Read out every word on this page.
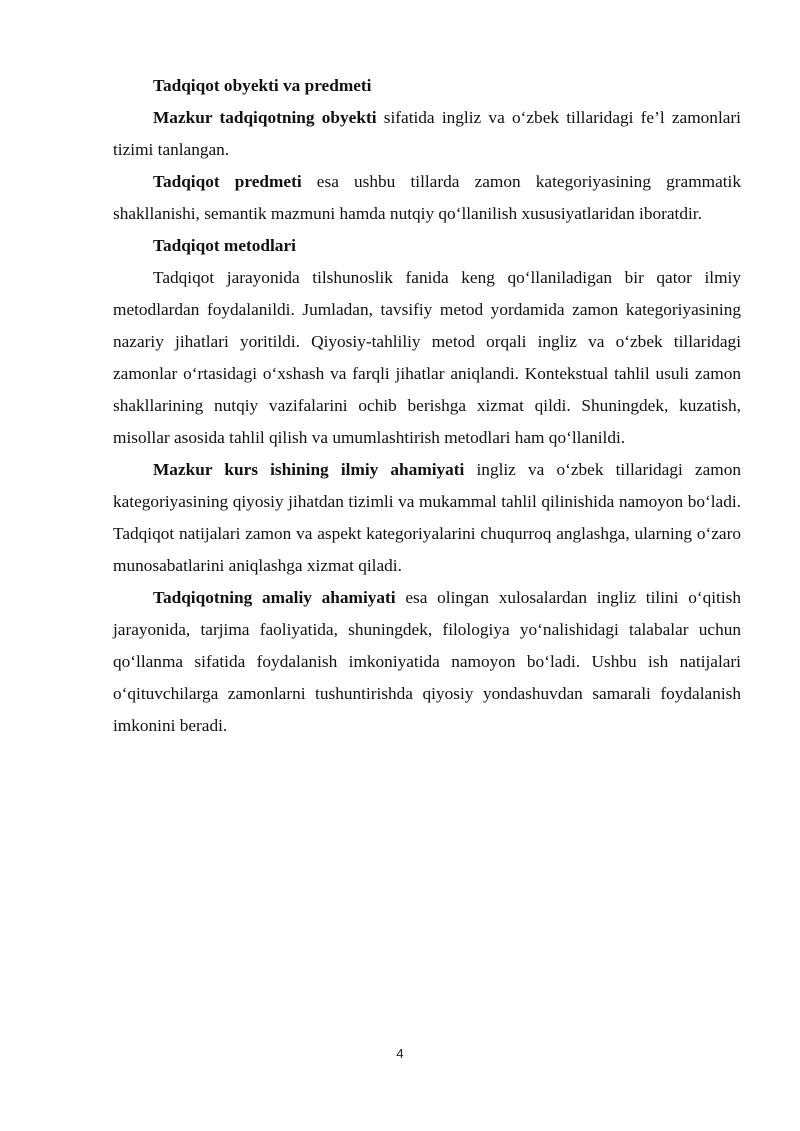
Tadqiqot obyekti va predmeti

Mazkur tadqiqotning obyekti sifatida ingliz va o‘zbek tillaridagi fe’l zamonlari tizimi tanlangan.

Tadqiqot predmeti esa ushbu tillarda zamon kategoriyasining grammatik shakllanishi, semantik mazmuni hamda nutqiy qo‘llanilish xususiyatlaridan iboratdir.

Tadqiqot metodlari

Tadqiqot jarayonida tilshunoslik fanida keng qo‘llaniladigan bir qator ilmiy metodlardan foydalanildi. Jumladan, tavsifiy metod yordamida zamon kategoriyasining nazariy jihatlari yoritildi. Qiyosiy-tahliliy metod orqali ingliz va o‘zbek tillaridagi zamonlar o‘rtasidagi o‘xshash va farqli jihatlar aniqlandi. Kontekstual tahlil usuli zamon shakllarining nutqiy vazifalarini ochib berishga xizmat qildi. Shuningdek, kuzatish, misollar asosida tahlil qilish va umumlashtirish metodlari ham qo‘llanildi.

Mazkur kurs ishining ilmiy ahamiyati ingliz va o‘zbek tillaridagi zamon kategoriyasining qiyosiy jihatdan tizimli va mukammal tahlil qilinishida namoyon bo‘ladi. Tadqiqot natijalari zamon va aspekt kategoriyalarini chuqurroq anglashga, ularning o‘zaro munosabatlarini aniqlashga xizmat qiladi.

Tadqiqotning amaliy ahamiyati esa olingan xulosalardan ingliz tilini o‘qitish jarayonida, tarjima faoliyatida, shuningdek, filologiya yo‘nalishidagi talabalar uchun qo‘llanma sifatida foydalanish imkoniyatida namoyon bo‘ladi. Ushbu ish natijalari o‘qituvchilarga zamonlarni tushuntirishda qiyosiy yondashuvdan samarali foydalanish imkonini beradi.

4
